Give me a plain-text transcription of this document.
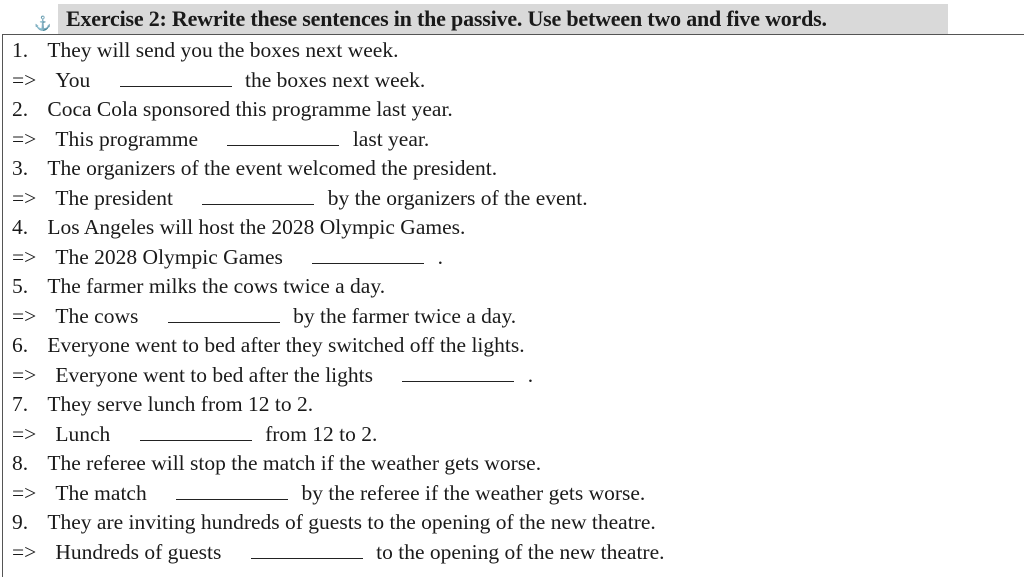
Exercise 2: Rewrite these sentences in the passive. Use between two and five words.
⚓
1. They will send you the boxes next week.
=> You	the boxes next week.
2. Coca Cola sponsored this programme last year.
=> This programme	last year.
3. The organizers of the event welcomed the president.
=> The president	by the organizers of the event.
4. Los Angeles will host the 2028 Olympic Games.
=> The 2028 Olympic Games	.
5. The farmer milks the cows twice a day.
=> The cows	by the farmer twice a day.
6. Everyone went to bed after they switched off the lights.
=> Everyone went to bed after the lights	.
7. They serve lunch from 12 to 2.
=> Lunch	from 12 to 2.
8. The referee will stop the match if the weather gets worse.
=> The match	by the referee if the weather gets worse.
9. They are inviting hundreds of guests to the opening of the new theatre.
=> Hundreds of guests	to the opening of the new theatre.
